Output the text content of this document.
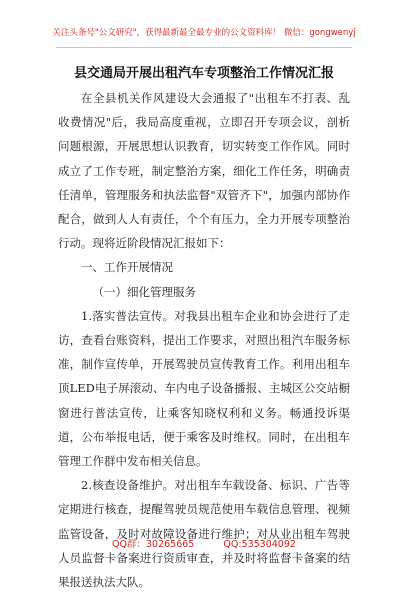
关注头条号"公文研究"，获得最新最全最专业的公文资料库！ 微信：gongwenyj
县交通局开展出租汽车专项整治工作情况汇报

在全县机关作风建设大会通报了"出租车不打表、乱收费情况"后，我局高度重视，立即召开专项会议，剖析问题根源，开展思想认识教育，切实转变工作作风。同时成立了工作专班，制定整治方案，细化工作任务，明确责任清单，管理服务和执法监督"双管齐下"，加强内部协作配合，做到人人有责任，个个有压力，全力开展专项整治行动。现将近阶段情况汇报如下：

一、工作开展情况

（一）细化管理服务

1.落实普法宣传。对我县出租车企业和协会进行了走访，查看台账资料，提出工作要求，对照出租汽车服务标准，制作宣传单，开展驾驶员宣传教育工作。利用出租车顶LED电子屏滚动、车内电子设备播报、主城区公交站橱窗进行普法宣传，让乘客知晓权利和义务。畅通投诉渠道，公布举报电话，便于乘客及时维权。同时，在出租车管理工作群中发布相关信息。

2.核查设备维护。对出租车车载设备、标识、广告等定期进行核查，提醒驾驶员规范使用车载信息管理、视频监管设备，及时对故障设备进行维护；对从业出租车驾驶人员监督卡备案进行资质审查，并及时将监督卡备案的结果报送执法大队。

QQ群：30265665	QQ:535304092
